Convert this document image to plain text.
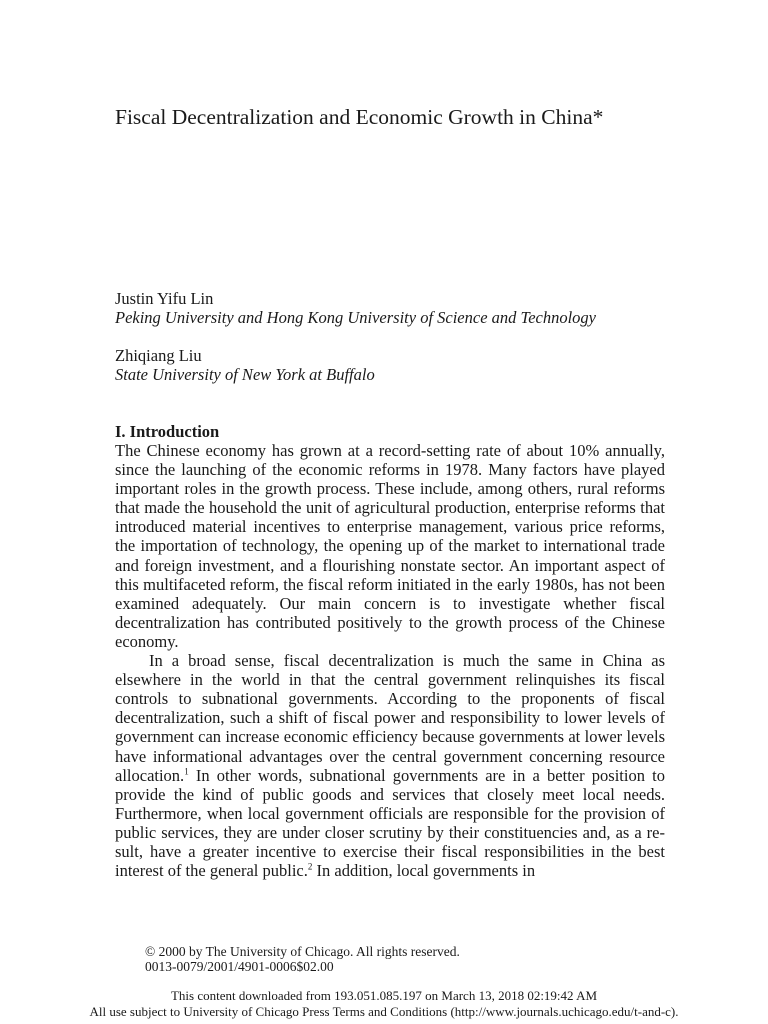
Fiscal Decentralization and Economic Growth in China*
Justin Yifu Lin
Peking University and Hong Kong University of Science and Technology
Zhiqiang Liu
State University of New York at Buffalo
I. Introduction

The Chinese economy has grown at a record-setting rate of about 10% annually, since the launching of the economic reforms in 1978. Many factors have played important roles in the growth process. These include, among others, rural reforms that made the household the unit of agricultural production, enterprise reforms that introduced material incentives to enterprise management, various price reforms, the importation of technology, the opening up of the market to international trade and foreign investment, and a flourishing nonstate sector. An important aspect of this multifaceted reform, the fiscal reform initiated in the early 1980s, has not been examined adequately. Our main concern is to investigate whether fiscal decentralization has contributed positively to the growth process of the Chinese economy.

In a broad sense, fiscal decentralization is much the same in China as elsewhere in the world in that the central government relinquishes its fiscal controls to subnational governments. According to the proponents of fiscal decentralization, such a shift of fiscal power and responsibility to lower levels of government can increase economic efficiency because governments at lower levels have informational advantages over the central government concerning resource allocation.$^1$ In other words, subnational governments are in a better position to provide the kind of public goods and services that closely meet local needs. Furthermore, when local government officials are responsible for the provision of public services, they are under closer scrutiny by their constituencies and, as a result, have a greater incentive to exercise their fiscal responsibilities in the best interest of the general public.$^2$ In addition, local governments in

© 2000 by The University of Chicago. All rights reserved.
0013-0079/2001/4901-0006$02.00
This content downloaded from 193.051.085.197 on March 13, 2018 02:19:42 AM
All use subject to University of Chicago Press Terms and Conditions (http://www.journals.uchicago.edu/t-and-c).
